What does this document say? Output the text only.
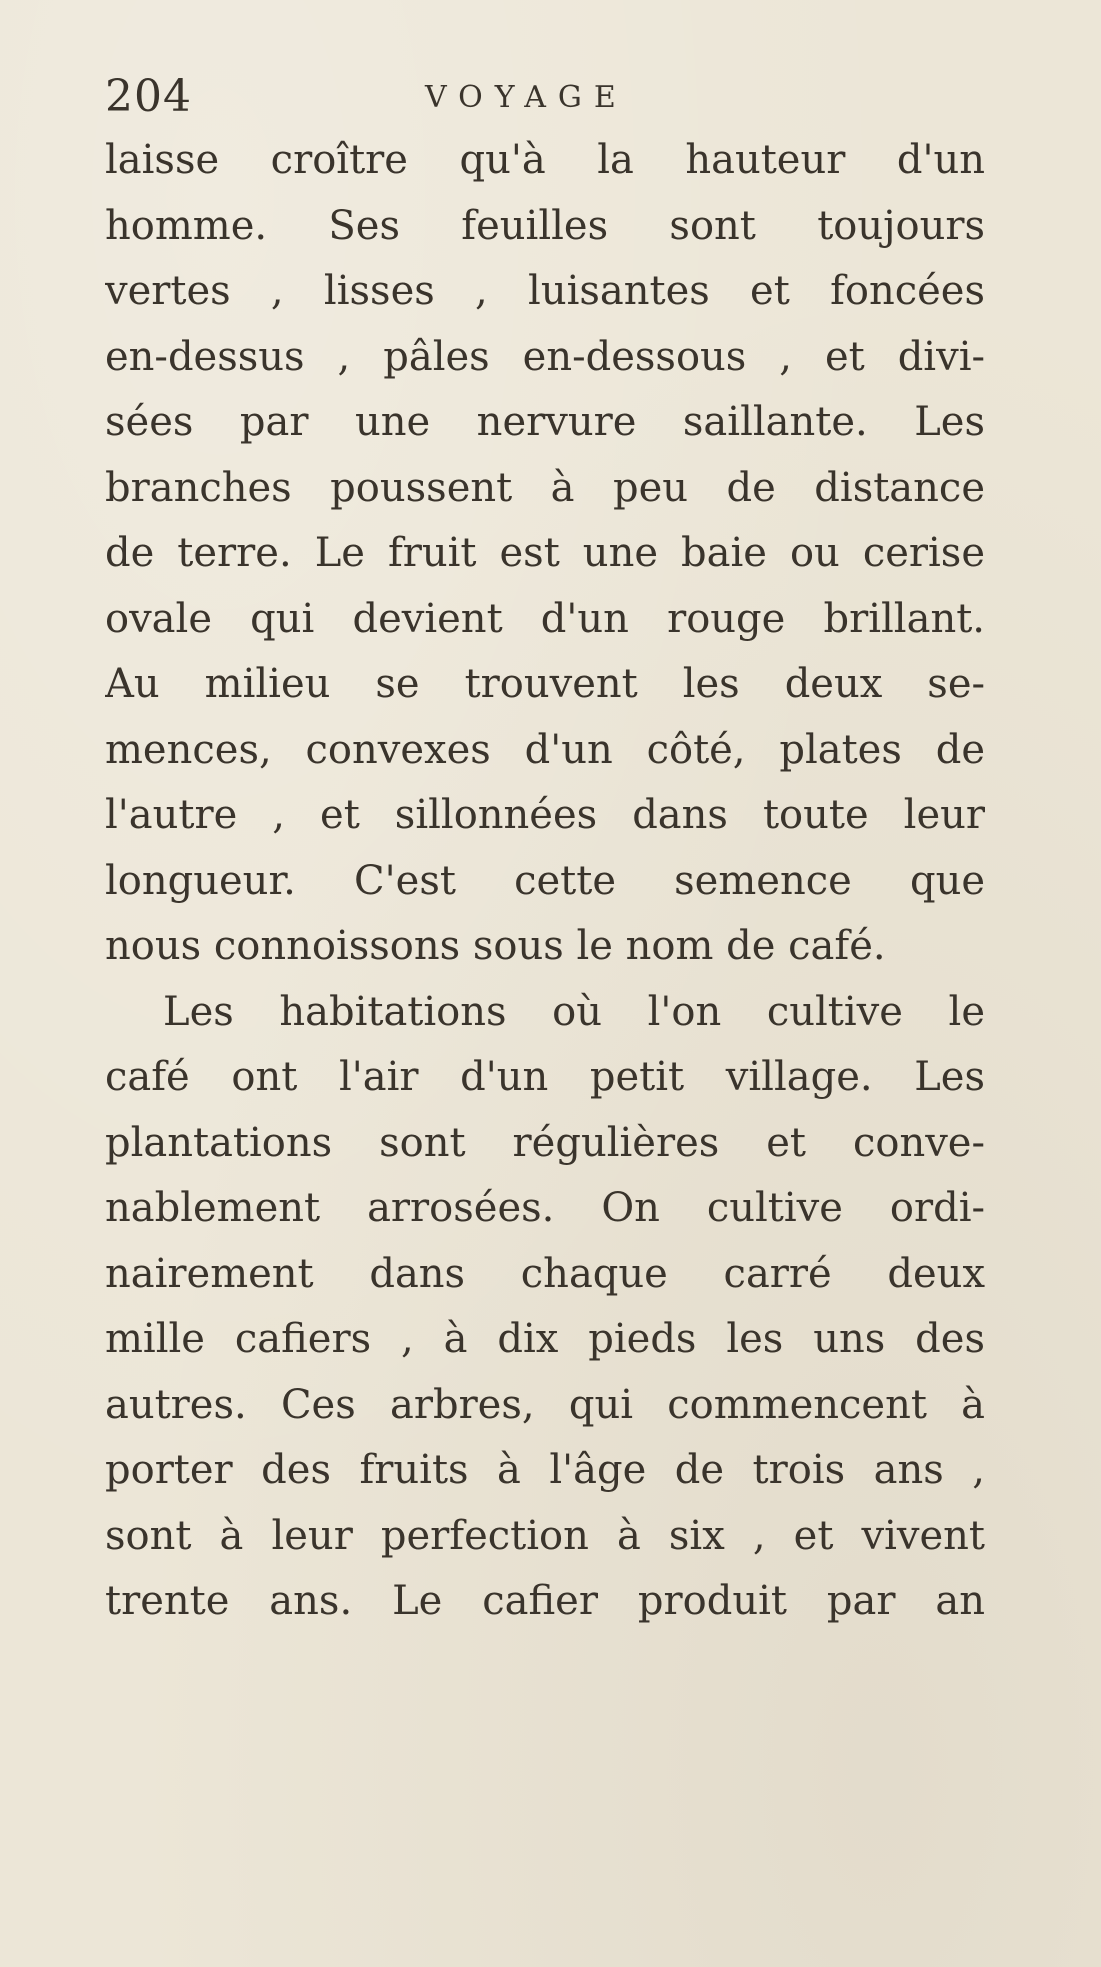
204	VOYAGE
laisse croître qu'à la hauteur d'un
homme. Ses feuilles sont toujours
vertes , lisses , luisantes et foncées
en-dessus , pâles en-dessous , et divi-
sées par une nervure saillante. Les
branches poussent à peu de distance
de terre. Le fruit est une baie ou cerise
ovale qui devient d'un rouge brillant.
Au milieu se trouvent les deux se-
mences, convexes d'un côté, plates de
l'autre , et sillonnées dans toute leur
longueur. C'est cette semence que
nous connoissons sous le nom de café.
Les habitations où l'on cultive le
café ont l'air d'un petit village. Les
plantations sont régulières et conve-
nablement arrosées. On cultive ordi-
nairement dans chaque carré deux
mille cafiers , à dix pieds les uns des
autres. Ces arbres, qui commencent à
porter des fruits à l'âge de trois ans ,
sont à leur perfection à six , et vivent
trente ans. Le cafier produit par an
